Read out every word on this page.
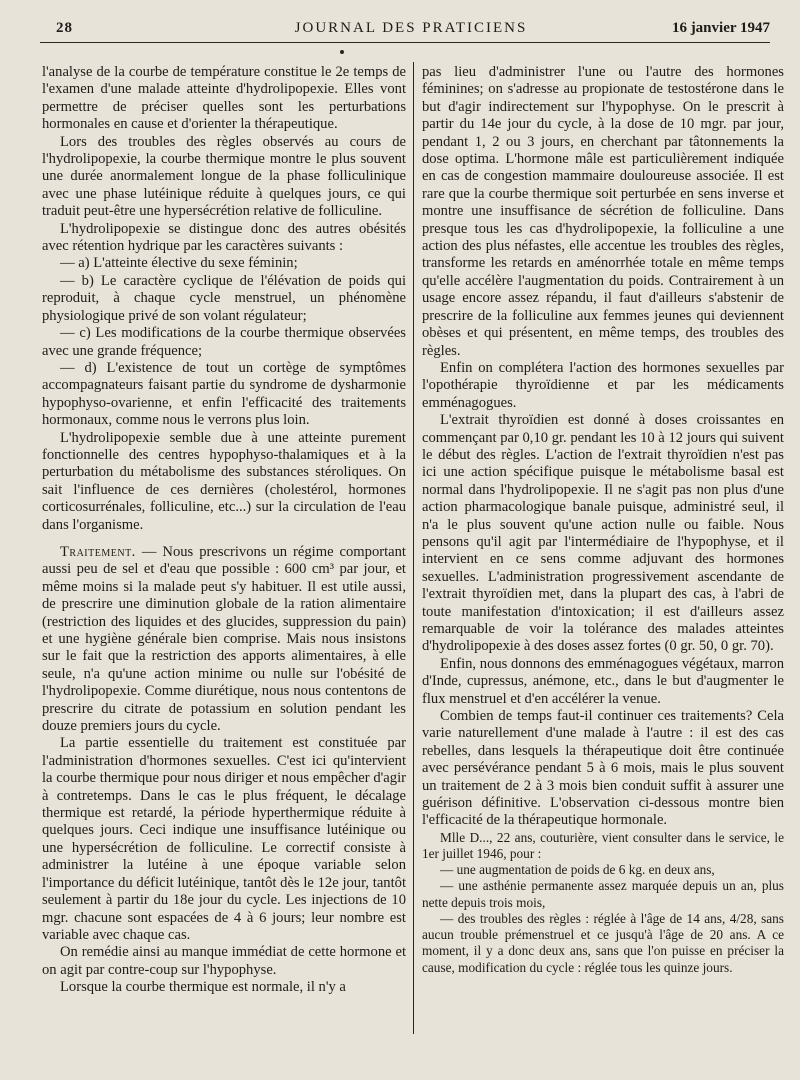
28	JOURNAL DES PRATICIENS	16 janvier 1947

l'analyse de la courbe de température constitue le 2e temps de l'examen d'une malade atteinte d'hydrolipopexie. Elles vont permettre de préciser quelles sont les perturbations hormonales en cause et d'orienter la thérapeutique.

Lors des troubles des règles observés au cours de l'hydrolipopexie, la courbe thermique montre le plus souvent une durée anormalement longue de la phase folliculinique avec une phase lutéinique réduite à quelques jours, ce qui traduit peut-être une hypersécrétion relative de folliculine.

L'hydrolipopexie se distingue donc des autres obésités avec rétention hydrique par les caractères suivants :

— a) L'atteinte élective du sexe féminin;

— b) Le caractère cyclique de l'élévation de poids qui reproduit, à chaque cycle menstruel, un phénomène physiologique privé de son volant régulateur;

— c) Les modifications de la courbe thermique observées avec une grande fréquence;

— d) L'existence de tout un cortège de symptômes accompagnateurs faisant partie du syndrome de dysharmonie hypophyso-ovarienne, et enfin l'efficacité des traitements hormonaux, comme nous le verrons plus loin.

L'hydrolipopexie semble due à une atteinte purement fonctionnelle des centres hypophyso-thalamiques et à la perturbation du métabolisme des substances stéroliques. On sait l'influence de ces dernières (cholestérol, hormones corticosurrénales, folliculine, etc...) sur la circulation de l'eau dans l'organisme.

Traitement. — Nous prescrivons un régime comportant aussi peu de sel et d'eau que possible : 600 cm³ par jour, et même moins si la malade peut s'y habituer. Il est utile aussi, de prescrire une diminution globale de la ration alimentaire (restriction des liquides et des glucides, suppression du pain) et une hygiène générale bien comprise. Mais nous insistons sur le fait que la restriction des apports alimentaires, à elle seule, n'a qu'une action minime ou nulle sur l'obésité de l'hydrolipopexie. Comme diurétique, nous nous contentons de prescrire du citrate de potassium en solution pendant les douze premiers jours du cycle.

La partie essentielle du traitement est constituée par l'administration d'hormones sexuelles. C'est ici qu'intervient la courbe thermique pour nous diriger et nous empêcher d'agir à contretemps. Dans le cas le plus fréquent, le décalage thermique est retardé, la période hyperthermique réduite à quelques jours. Ceci indique une insuffisance lutéinique ou une hypersécrétion de folliculine. Le correctif consiste à administrer la lutéine à une époque variable selon l'importance du déficit lutéinique, tantôt dès le 12e jour, tantôt seulement à partir du 18e jour du cycle. Les injections de 10 mgr. chacune sont espacées de 4 à 6 jours; leur nombre est variable avec chaque cas.

On remédie ainsi au manque immédiat de cette hormone et on agit par contre-coup sur l'hypophyse.

Lorsque la courbe thermique est normale, il n'y a

pas lieu d'administrer l'une ou l'autre des hormones féminines; on s'adresse au propionate de testostérone dans le but d'agir indirectement sur l'hypophyse. On le prescrit à partir du 14e jour du cycle, à la dose de 10 mgr. par jour, pendant 1, 2 ou 3 jours, en cherchant par tâtonnements la dose optima. L'hormone mâle est particulièrement indiquée en cas de congestion mammaire douloureuse associée. Il est rare que la courbe thermique soit perturbée en sens inverse et montre une insuffisance de sécrétion de folliculine. Dans presque tous les cas d'hydrolipopexie, la folliculine a une action des plus néfastes, elle accentue les troubles des règles, transforme les retards en aménorrhée totale en même temps qu'elle accélère l'augmentation du poids. Contrairement à un usage encore assez répandu, il faut d'ailleurs s'abstenir de prescrire de la folliculine aux femmes jeunes qui deviennent obèses et qui présentent, en même temps, des troubles des règles.

Enfin on complétera l'action des hormones sexuelles par l'opothérapie thyroïdienne et par les médicaments emménagogues.

L'extrait thyroïdien est donné à doses croissantes en commençant par 0,10 gr. pendant les 10 à 12 jours qui suivent le début des règles. L'action de l'extrait thyroïdien n'est pas ici une action spécifique puisque le métabolisme basal est normal dans l'hydrolipopexie. Il ne s'agit pas non plus d'une action pharmacologique banale puisque, administré seul, il n'a le plus souvent qu'une action nulle ou faible. Nous pensons qu'il agit par l'intermédiaire de l'hypophyse, et il intervient en ce sens comme adjuvant des hormones sexuelles. L'administration progressivement ascendante de l'extrait thyroïdien met, dans la plupart des cas, à l'abri de toute manifestation d'intoxication; il est d'ailleurs assez remarquable de voir la tolérance des malades atteintes d'hydrolipopexie à des doses assez fortes (0 gr. 50, 0 gr. 70).

Enfin, nous donnons des emménagogues végétaux, marron d'Inde, cupressus, anémone, etc., dans le but d'augmenter le flux menstruel et d'en accélérer la venue.

Combien de temps faut-il continuer ces traitements? Cela varie naturellement d'une malade à l'autre : il est des cas rebelles, dans lesquels la thérapeutique doit être continuée avec persévérance pendant 5 à 6 mois, mais le plus souvent un traitement de 2 à 3 mois bien conduit suffit à assurer une guérison définitive. L'observation ci-dessous montre bien l'efficacité de la thérapeutique hormonale.

Mlle D..., 22 ans, couturière, vient consulter dans le service, le 1er juillet 1946, pour :

— une augmentation de poids de 6 kg. en deux ans,

— une asthénie permanente assez marquée depuis un an, plus nette depuis trois mois,

— des troubles des règles : réglée à l'âge de 14 ans, 4/28, sans aucun trouble prémenstruel et ce jusqu'à l'âge de 20 ans. A ce moment, il y a donc deux ans, sans que l'on puisse en préciser la cause, modification du cycle : réglée tous les quinze jours.
